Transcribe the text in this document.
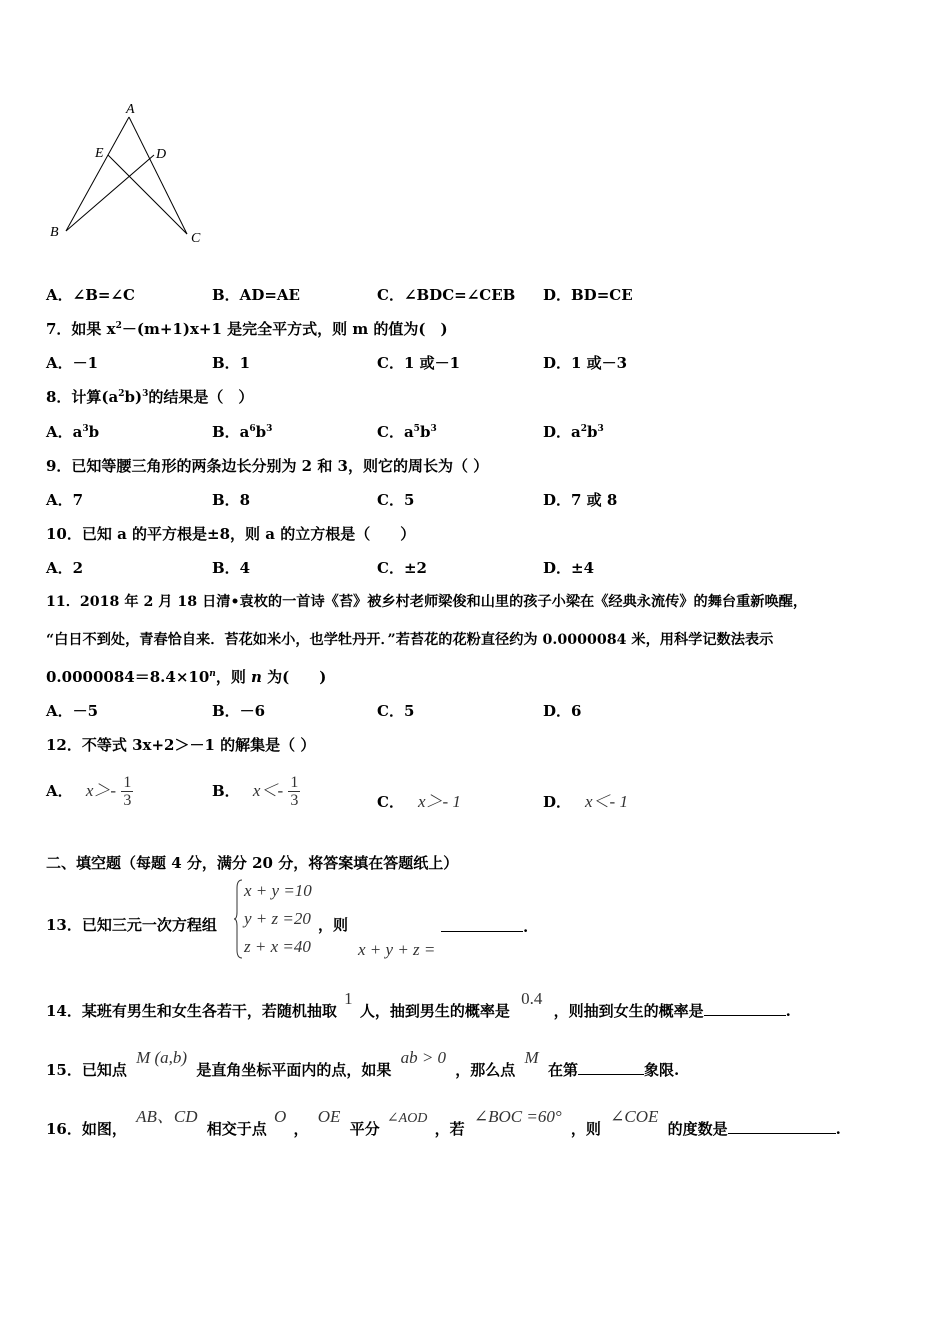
A
E	D
B	C
A．∠B=∠C	B．AD=AE	C．∠BDC=∠CEB D．BD=CE
7．如果 $x^2-(m+1)x+1$ 是完全平方式，则 m 的值为(　)
A．－1	B．1	C．1 或－1	D．1 或－3
8．计算$(a^2b)^3$的结果是（　）
A．$a^3b$	B．$a^6b^3$	C．$a^5b^3$	D．$a^2b^3$
9．已知等腰三角形的两条边长分别为 2 和 3，则它的周长为（ ）
A．7	B．8	C．5	D．7 或 8
10．已知 a 的平方根是±8，则 a 的立方根是（　　）
A．2	B．4	C．±2	D．±4
11．2018 年 2 月 18 日清•袁枚的一首诗《苔》被乡村老师梁俊和山里的孩子小梁在《经典永流传》的舞台重新唤醒，
“白日不到处，青春恰自来．苔花如米小，也学牡丹开．”若苔花的花粉直径约为 0.0000084 米，用科学记数法表示
$0.0000084=8.4\times 10^n$，则 n 为(　　)
A．－5	B．－6	C．5	D．6
12．不等式 3x+2＞－1 的解集是（ ）
A． $x>- \frac{1}{3}$	B． $x<- \frac{1}{3}$	C． x＞- 1	D． x＜- 1
二、填空题（每题 4 分，满分 20 分，将答案填在答题纸上）
13．已知三元一次方程组
x + y =10
y + z =20
z + x =40
，则
x + y + z =
.
14．某班有男生和女生各若干，若随机抽取 1 人，抽到男生的概率是 0.4 ，则抽到女生的概率是	.
15．已知点 M (a,b) 是直角坐标平面内的点，如果 ab > 0 ，那么点 M 在第	象限.
16．如图， AB、CD 相交于点 O ， OE 平分 ∠AOD ，若 ∠BOC =60° ，则 ∠COE 的度数是	.
